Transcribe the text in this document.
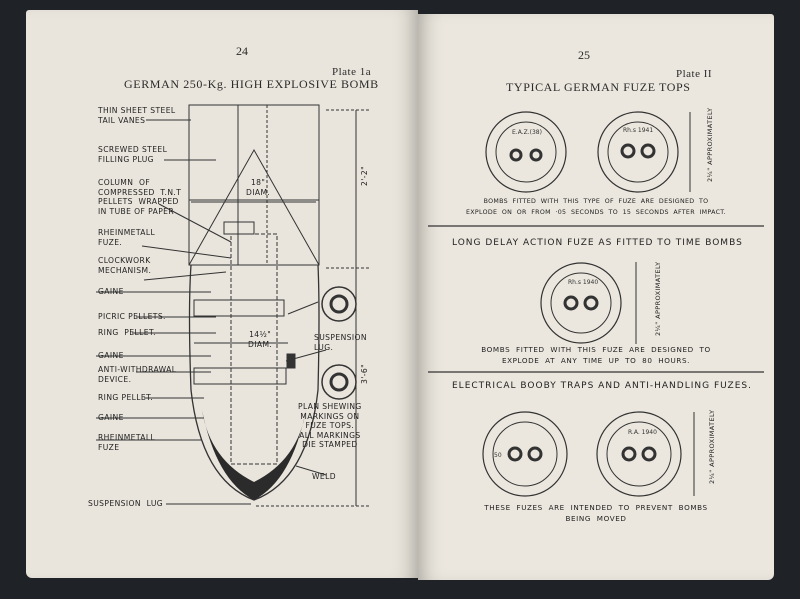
24
Plate 1a
GERMAN 250-Kg. HIGH EXPLOSIVE BOMB
THIN SHEET STEEL
TAIL VANES
SCREWED STEEL
FILLING PLUG
COLUMN  OF
COMPRESSED  T.N.T
PELLETS  WRAPPED
IN TUBE OF PAPER
RHEINMETALL
FUZE.
CLOCKWORK
MECHANISM.
GAINE
PICRIC PELLETS.
RING  PELLET.
GAINE
ANTI-WITHDRAWAL
DEVICE.
RING PELLET.
GAINE
RHEINMETALL
FUZE
SUSPENSION  LUG
SUSPENSION
LUG.
PLAN SHEWING
MARKINGS ON
FUZE TOPS.
ALL MARKINGS
DIE STAMPED
WELD
18"
DIAM.
14½"
DIAM.
2'-2"
3'-6"
25
Plate II
TYPICAL GERMAN FUZE TOPS
E.A.Z.(38)	Rh.s 1941
Rh.s 1940
50
R.A. 1940
2¼" APPROXIMATELY
2¼" APPROXIMATELY
2¼" APPROXIMATELY
BOMBS  FITTED  WITH  THIS  TYPE  OF  FUZE  ARE  DESIGNED  TO
EXPLODE  ON  OR  FROM  ·05  SECONDS  TO  15  SECONDS  AFTER  IMPACT.
LONG DELAY ACTION FUZE AS FITTED TO TIME BOMBS
BOMBS  FITTED  WITH  THIS  FUZE  ARE  DESIGNED  TO
EXPLODE  AT  ANY  TIME  UP  TO  80  HOURS.
ELECTRICAL BOOBY TRAPS AND ANTI-HANDLING FUZES.
THESE  FUZES  ARE  INTENDED  TO  PREVENT  BOMBS
BEING  MOVED
